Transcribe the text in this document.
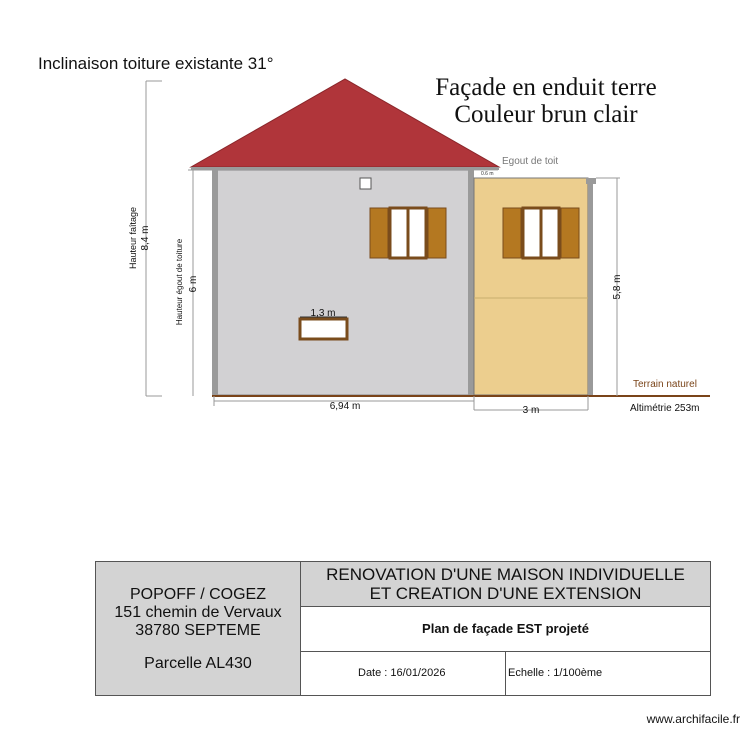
Inclinaison toiture existante 31°
Façade en enduit terre
Couleur brun clair
1,3 m
Terrain naturel
Altimétrie 253m
Egout de toit
0.6 m
Hauteur faîtage 8,4 m
Hauteur égout de toiture 6 m	5,8 m
6,94 m	3 m
POPOFF / COGEZ
151 chemin de Vervaux
38780 SEPTEME
Parcelle AL430
RENOVATION D'UNE MAISON INDIVIDUELLE
ET CREATION D'UNE EXTENSION
Plan de façade EST projeté
Date : 16/01/2026	Echelle : 1/100ème
www.archifacile.fr
